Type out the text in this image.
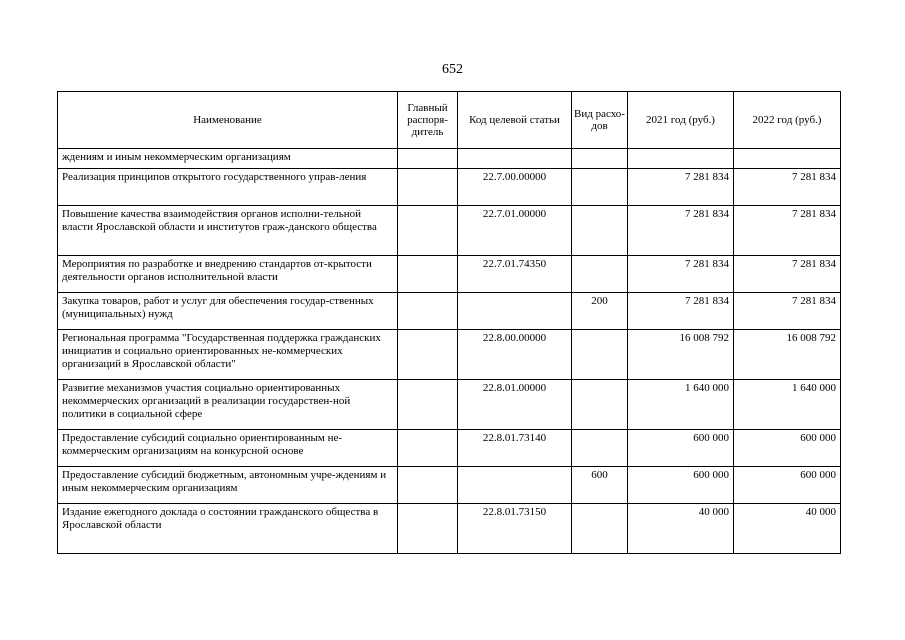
652
Наименование	Главный распоря-дитель	Код целевой статьи	Вид расхо-дов	2021 год (руб.)	2022 год (руб.)
ждениям и иным некоммерческим организациям					
Реализация принципов открытого государственного управ-ления		22.7.00.00000		7 281 834	7 281 834
Повышение качества взаимодействия органов исполни-тельной власти Ярославской области и институтов граж-данского общества		22.7.01.00000		7 281 834	7 281 834
Мероприятия по разработке и внедрению стандартов от-крытости деятельности органов исполнительной власти		22.7.01.74350		7 281 834	7 281 834
Закупка товаров, работ и услуг для обеспечения государ-ственных (муниципальных) нужд			200	7 281 834	7 281 834
Региональная программа "Государственная поддержка гражданских инициатив и социально ориентированных не-коммерческих организаций в Ярославской области"		22.8.00.00000		16 008 792	16 008 792
Развитие механизмов участия социально ориентированных некоммерческих организаций в реализации государствен-ной политики в социальной сфере		22.8.01.00000		1 640 000	1 640 000
Предоставление субсидий социально ориентированным не-коммерческим организациям на конкурсной основе		22.8.01.73140		600 000	600 000
Предоставление субсидий бюджетным, автономным учре-ждениям и иным некоммерческим организациям			600	600 000	600 000
Издание ежегодного доклада о состоянии гражданского общества в Ярославской области		22.8.01.73150		40 000	40 000
